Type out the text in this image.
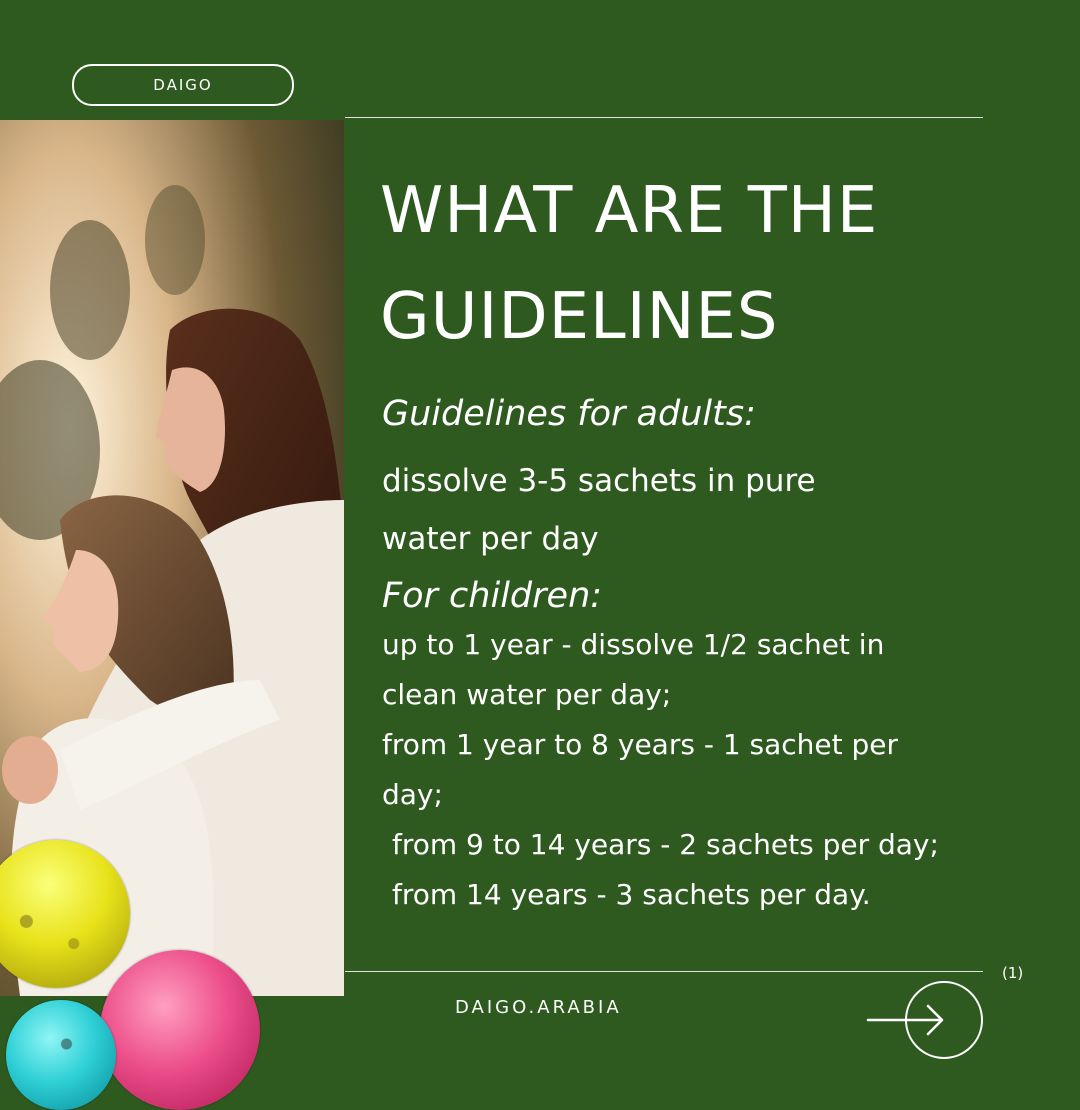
DAIGO
WHAT ARE THE
GUIDELINES

Guidelines for adults:

dissolve 3-5 sachets in pure
water per day

For children:

up to 1 year - dissolve 1/2 sachet in
clean water per day;
from 1 year to 8 years - 1 sachet per
day;
from 9 to 14 years - 2 sachets per day;
from 14 years - 3 sachets per day.
(1)
DAIGO.ARABIA
